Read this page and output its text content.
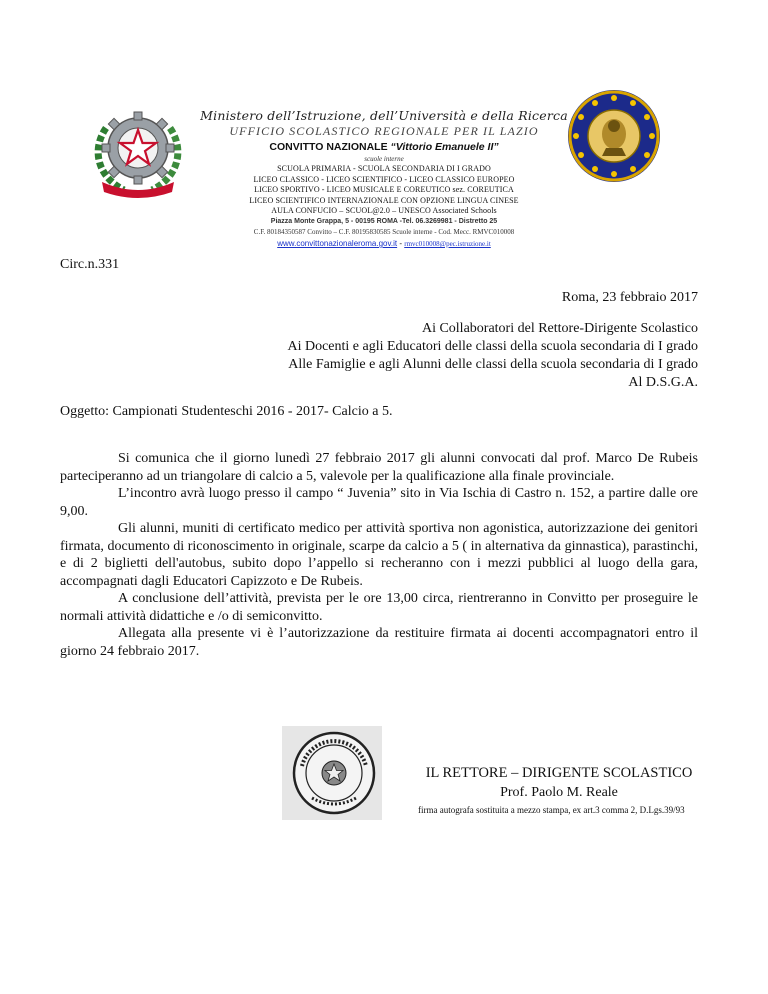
Ministero dell’Istruzione, dell’Università e della Ricerca
UFFICIO SCOLASTICO REGIONALE PER IL LAZIO
CONVITTO NAZIONALE “Vittorio Emanuele II”
scuole interne
SCUOLA PRIMARIA - SCUOLA SECONDARIA DI I GRADO
LICEO CLASSICO - LICEO SCIENTIFICO - LICEO CLASSICO EUROPEO
LICEO SPORTIVO - LICEO MUSICALE E COREUTICO sez. COREUTICA
LICEO SCIENTIFICO INTERNAZIONALE CON OPZIONE LINGUA CINESE
AULA CONFUCIO – SCUOL@2.0 – UNESCO Associated Schools
Piazza Monte Grappa, 5 - 00195 ROMA -Tel. 06.3269981 - Distretto 25
C.F. 80184350587 Convitto – C.F. 80195830585 Scuole interne - Cod. Mecc. RMVC010008
www.convittonazionaleroma.gov.it - rmvc010008@pec.istruzione.it
Circ.n.331
Roma, 23 febbraio 2017
Ai Collaboratori del Rettore-Dirigente Scolastico
Ai Docenti e agli Educatori delle classi della scuola secondaria di I grado
Alle Famiglie e agli Alunni delle classi della scuola secondaria di I grado
Al D.S.G.A.
Oggetto: Campionati Studenteschi 2016 - 2017- Calcio a 5.

Si comunica che il giorno lunedì 27 febbraio 2017 gli alunni convocati dal prof. Marco De Rubeis parteciperanno ad un triangolare di calcio a 5, valevole per la qualificazione alla finale provinciale.

L’incontro avrà luogo presso il campo “ Juvenia” sito in Via Ischia di Castro n. 152, a partire dalle ore 9,00.

Gli alunni, muniti di certificato medico per attività sportiva non agonistica, autorizzazione dei genitori firmata, documento di riconoscimento in originale, scarpe da calcio a 5 ( in alternativa da ginnastica), parastinchi, e di 2 biglietti dell'autobus, subito dopo l’appello si recheranno con i mezzi pubblici al luogo della gara, accompagnati dagli Educatori Capizzoto e De Rubeis.

A conclusione dell’attività, prevista per le ore 13,00 circa, rientreranno in Convitto per proseguire le normali attività didattiche e /o di semiconvitto.

Allegata alla presente vi è l’autorizzazione da restituire firmata ai docenti accompagnatori entro il giorno 24 febbraio 2017.

IL RETTORE – DIRIGENTE SCOLASTICO
Prof. Paolo M. Reale
firma autografa sostituita a mezzo stampa, ex art.3 comma 2, D.Lgs.39/93
